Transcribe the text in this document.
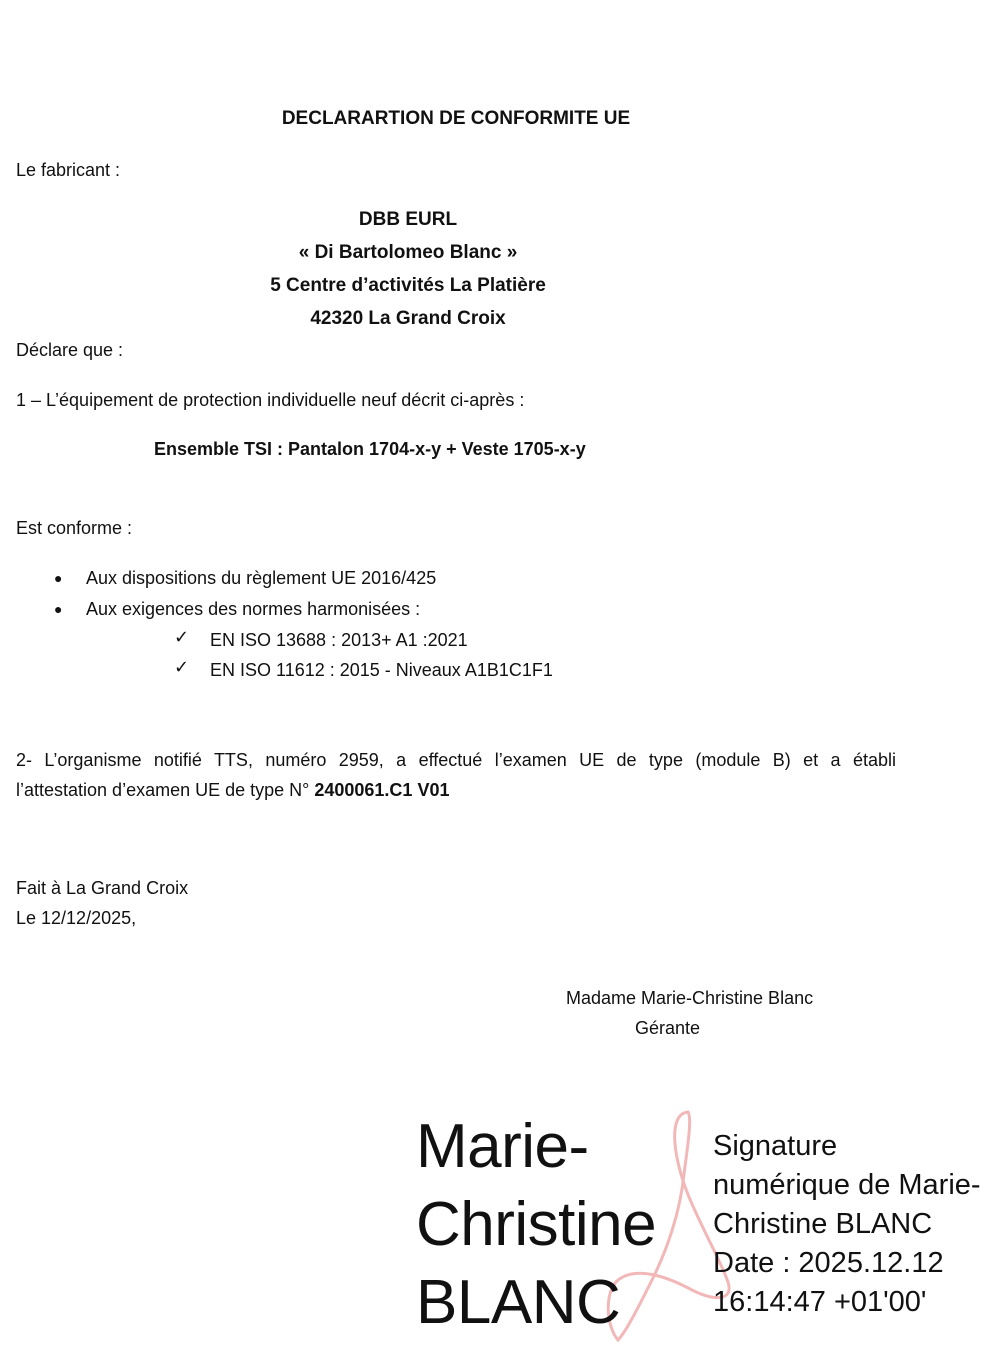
DECLARARTION DE CONFORMITE UE
Le fabricant :
DBB EURL
« Di Bartolomeo Blanc »
5 Centre d’activités La Platière
42320 La Grand Croix
Déclare que :
1 – L’équipement de protection individuelle neuf décrit ci-après :
Ensemble TSI : Pantalon 1704-x-y + Veste 1705-x-y
Est conforme :
● Aux dispositions du règlement UE 2016/425
● Aux exigences des normes harmonisées :
✓ EN ISO 13688 : 2013+ A1 :2021
✓ EN ISO 11612 : 2015 - Niveaux A1B1C1F1
2- L’organisme notifié TTS, numéro 2959, a effectué l’examen UE de type (module B) et a établi
l’attestation d’examen UE de type N° 2400061.C1 V01
Fait à La Grand Croix
Le 12/12/2025,
Madame Marie-Christine Blanc
Gérante
Marie-
Christine
BLANC
Signature
numérique de Marie-
Christine BLANC
Date : 2025.12.12
16:14:47 +01'00'
